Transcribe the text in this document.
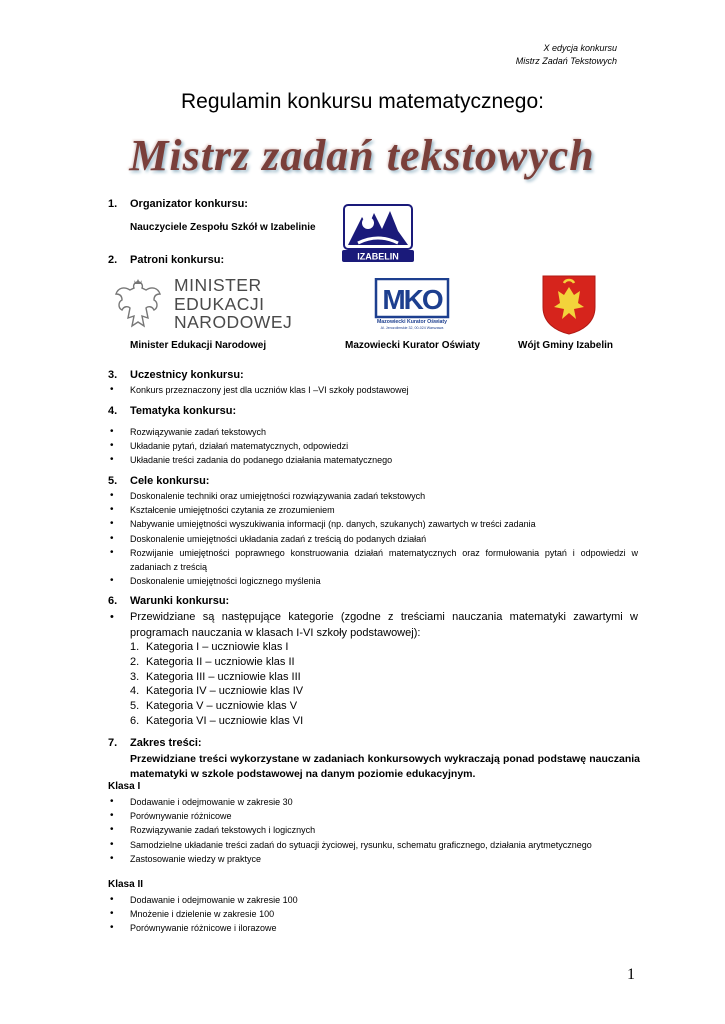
X edycja konkursu
Mistrz Zadań Tekstowych
Regulamin konkursu matematycznego:
Mistrz zadań tekstowych
1. Organizator konkursu:
Nauczyciele Zespołu Szkół w Izabelinie
IZABELIN
2. Patroni konkursu:
MINISTER
EDUKACJI
NARODOWEJ
MKO
Mazowiecki Kurator Oświaty
Al. Jerozolimskie 32, 00-024 Warszawa
Minister Edukacji Narodowej	Mazowiecki Kurator Oświaty	Wójt Gminy Izabelin
3. Uczestnicy konkursu:
• Konkurs przeznaczony jest dla uczniów klas I –VI szkoły podstawowej
4. Tematyka konkursu:
• Rozwiązywanie zadań tekstowych
• Układanie pytań, działań matematycznych, odpowiedzi
• Układanie treści zadania do podanego działania matematycznego
5. Cele konkursu:
• Doskonalenie techniki oraz umiejętności rozwiązywania zadań tekstowych
• Kształcenie umiejętności czytania ze zrozumieniem
• Nabywanie umiejętności wyszukiwania informacji (np. danych, szukanych) zawartych w treści zadania
• Doskonalenie umiejętności układania zadań z treścią do podanych działań
• Rozwijanie umiejętności poprawnego konstruowania działań matematycznych oraz formułowania pytań i odpowiedzi w zadaniach z treścią
• Doskonalenie umiejętności logicznego myślenia
6. Warunki konkursu:
•	Przewidziane są następujące kategorie (zgodne z treściami nauczania matematyki zawartymi w programach nauczania w klasach I-VI szkoły podstawowej):

1. Kategoria I – uczniowie klas I
2. Kategoria II – uczniowie klas II
3. Kategoria III – uczniowie klas III
4. Kategoria IV – uczniowie klas IV
5. Kategoria V – uczniowie klas V
6. Kategoria VI – uczniowie klas VI
7. Zakres treści:
Przewidziane treści wykorzystane w zadaniach konkursowych wykraczają ponad podstawę nauczania matematyki w szkole podstawowej na danym poziomie edukacyjnym.
Klasa I
• Dodawanie i odejmowanie w zakresie 30
• Porównywanie różnicowe
• Rozwiązywanie zadań tekstowych i logicznych
• Samodzielne układanie treści zadań do sytuacji życiowej, rysunku, schematu graficznego, działania arytmetycznego
• Zastosowanie wiedzy w praktyce
Klasa II
• Dodawanie i odejmowanie w zakresie 100
• Mnożenie i dzielenie w zakresie 100
• Porównywanie różnicowe i ilorazowe
1
